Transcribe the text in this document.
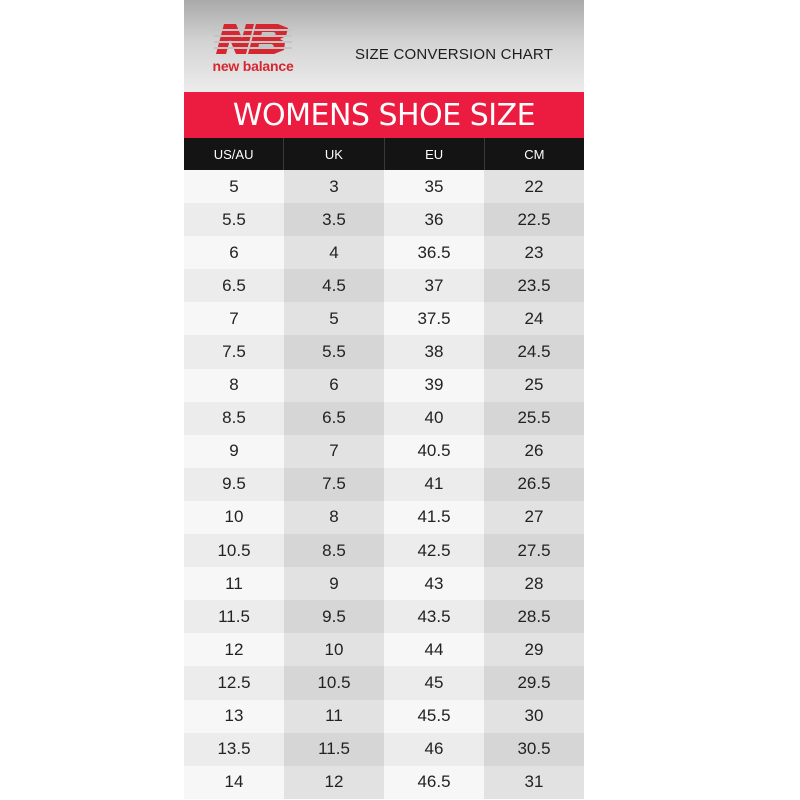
new balance
SIZE CONVERSION CHART
WOMENS SHOE SIZE
US/AU	UK	EU	CM
5	3	35	22
5.5	3.5	36	22.5
6	4	36.5	23
6.5	4.5	37	23.5
7	5	37.5	24
7.5	5.5	38	24.5
8	6	39	25
8.5	6.5	40	25.5
9	7	40.5	26
9.5	7.5	41	26.5
10	8	41.5	27
10.5	8.5	42.5	27.5
11	9	43	28
11.5	9.5	43.5	28.5
12	10	44	29
12.5	10.5	45	29.5
13	11	45.5	30
13.5	11.5	46	30.5
14	12	46.5	31
